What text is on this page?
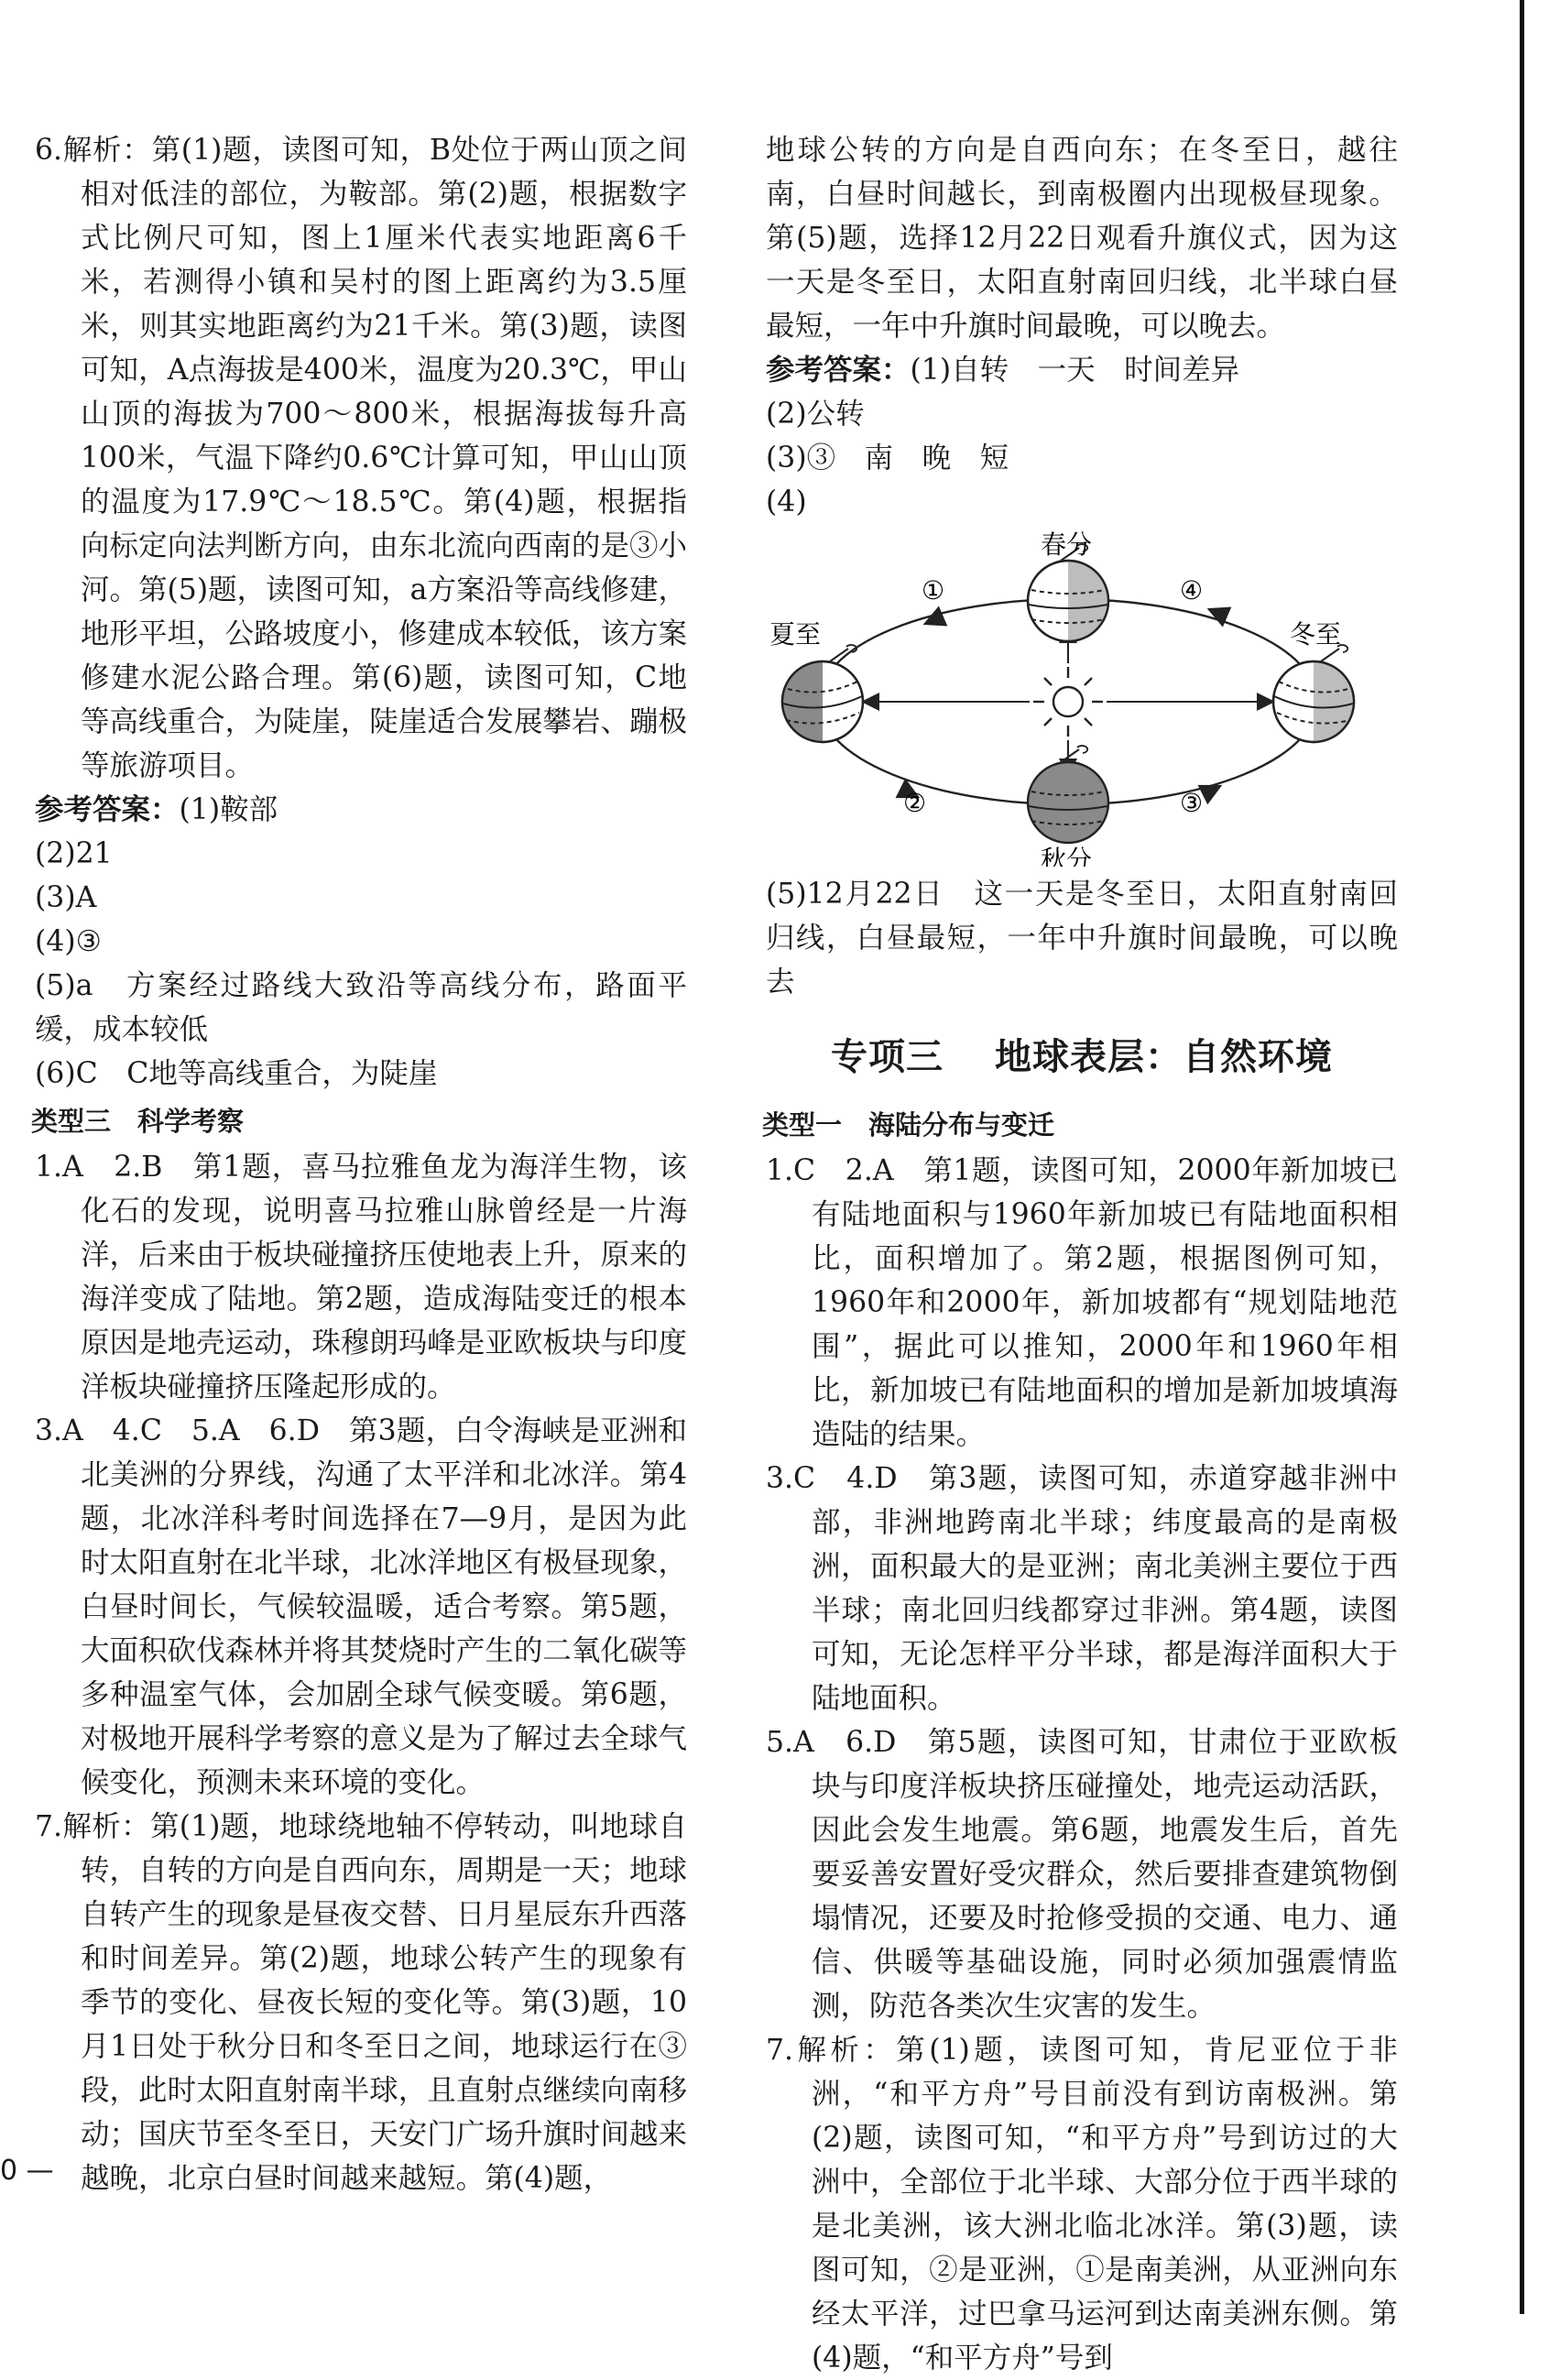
6.解析：第(1)题，读图可知，B处位于两山顶之间相对低洼的部位，为鞍部。第(2)题，根据数字式比例尺可知，图上1厘米代表实地距离6千米，若测得小镇和吴村的图上距离约为3.5厘米，则其实地距离约为21千米。第(3)题，读图可知，A点海拔是400米，温度为20.3℃，甲山山顶的海拔为700～800米，根据海拔每升高100米，气温下降约0.6℃计算可知，甲山山顶的温度为17.9℃～18.5℃。第(4)题，根据指向标定向法判断方向，由东北流向西南的是③小河。第(5)题，读图可知，a方案沿等高线修建，地形平坦，公路坡度小，修建成本较低，该方案修建水泥公路合理。第(6)题，读图可知，C地等高线重合，为陡崖，陡崖适合发展攀岩、蹦极等旅游项目。

参考答案：(1)鞍部

(2)21

(3)A

(4)③

(5)a　方案经过路线大致沿等高线分布，路面平缓，成本较低

(6)C　C地等高线重合，为陡崖

类型三　科学考察

1.A　2.B　第1题，喜马拉雅鱼龙为海洋生物，该化石的发现，说明喜马拉雅山脉曾经是一片海洋，后来由于板块碰撞挤压使地表上升，原来的海洋变成了陆地。第2题，造成海陆变迁的根本原因是地壳运动，珠穆朗玛峰是亚欧板块与印度洋板块碰撞挤压隆起形成的。

3.A　4.C　5.A　6.D　第3题，白令海峡是亚洲和北美洲的分界线，沟通了太平洋和北冰洋。第4题，北冰洋科考时间选择在7—9月，是因为此时太阳直射在北半球，北冰洋地区有极昼现象，白昼时间长，气候较温暖，适合考察。第5题，大面积砍伐森林并将其焚烧时产生的二氧化碳等多种温室气体，会加剧全球气候变暖。第6题，对极地开展科学考察的意义是为了解过去全球气候变化，预测未来环境的变化。

7.解析：第(1)题，地球绕地轴不停转动，叫地球自转，自转的方向是自西向东，周期是一天；地球自转产生的现象是昼夜交替、日月星辰东升西落和时间差异。第(2)题，地球公转产生的现象有季节的变化、昼夜长短的变化等。第(3)题，10月1日处于秋分日和冬至日之间，地球运行在③段，此时太阳直射南半球，且直射点继续向南移动；国庆节至冬至日，天安门广场升旗时间越来越晚，北京白昼时间越来越短。第(4)题，

地球公转的方向是自西向东；在冬至日，越往南，白昼时间越长，到南极圈内出现极昼现象。第(5)题，选择12月22日观看升旗仪式，因为这一天是冬至日，太阳直射南回归线，北半球白昼最短，一年中升旗时间最晚，可以晚去。

参考答案：(1)自转　一天　时间差异

(2)公转

(3)③　南　晚　短

(4)

春分
秋分
夏至	冬至
①
②	③
④

(5)12月22日　这一天是冬至日，太阳直射南回归线，白昼最短，一年中升旗时间最晚，可以晚去

专项三 地球表层：自然环境

类型一　海陆分布与变迁

1.C　2.A　第1题，读图可知，2000年新加坡已有陆地面积与1960年新加坡已有陆地面积相比，面积增加了。第2题，根据图例可知，1960年和2000年，新加坡都有“规划陆地范围”，据此可以推知，2000年和1960年相比，新加坡已有陆地面积的增加是新加坡填海造陆的结果。

3.C　4.D　第3题，读图可知，赤道穿越非洲中部，非洲地跨南北半球；纬度最高的是南极洲，面积最大的是亚洲；南北美洲主要位于西半球；南北回归线都穿过非洲。第4题，读图可知，无论怎样平分半球，都是海洋面积大于陆地面积。

5.A　6.D　第5题，读图可知，甘肃位于亚欧板块与印度洋板块挤压碰撞处，地壳运动活跃，因此会发生地震。第6题，地震发生后，首先要妥善安置好受灾群众，然后要排查建筑物倒塌情况，还要及时抢修受损的交通、电力、通信、供暖等基础设施，同时必须加强震情监测，防范各类次生灾害的发生。

7.解析：第(1)题，读图可知，肯尼亚位于非洲，“和平方舟”号目前没有到访南极洲。第(2)题，读图可知，“和平方舟”号到访过的大洲中，全部位于北半球、大部分位于西半球的是北美洲，该大洲北临北冰洋。第(3)题，读图可知，②是亚洲，①是南美洲，从亚洲向东经太平洋，过巴拿马运河到达南美洲东侧。第(4)题，“和平方舟”号到

0 —
